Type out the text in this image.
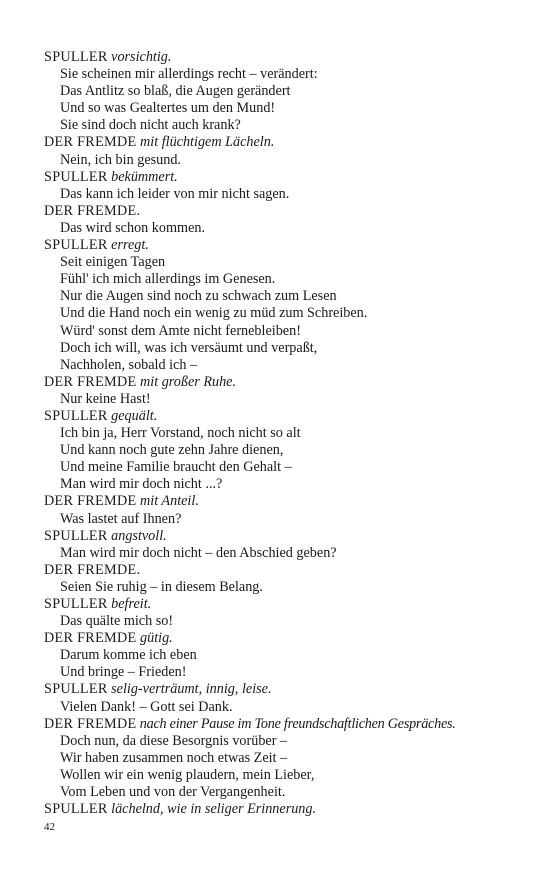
SPULLER vorsichtig.
Sie scheinen mir allerdings recht – verändert:
Das Antlitz so blaß, die Augen gerändert
Und so was Gealtertes um den Mund!
Sie sind doch nicht auch krank?
DER FREMDE mit flüchtigem Lächeln.
Nein, ich bin gesund.
SPULLER bekümmert.
Das kann ich leider von mir nicht sagen.
DER FREMDE.
Das wird schon kommen.
SPULLER erregt.
Seit einigen Tagen
Fühl' ich mich allerdings im Genesen.
Nur die Augen sind noch zu schwach zum Lesen
Und die Hand noch ein wenig zu müd zum Schreiben.
Würd' sonst dem Amte nicht fernebleiben!
Doch ich will, was ich versäumt und verpaßt,
Nachholen, sobald ich –
DER FREMDE mit großer Ruhe.
Nur keine Hast!
SPULLER gequält.
Ich bin ja, Herr Vorstand, noch nicht so alt
Und kann noch gute zehn Jahre dienen,
Und meine Familie braucht den Gehalt –
Man wird mir doch nicht ...?
DER FREMDE mit Anteil.
Was lastet auf Ihnen?
SPULLER angstvoll.
Man wird mir doch nicht – den Abschied geben?
DER FREMDE.
Seien Sie ruhig – in diesem Belang.
SPULLER befreit.
Das quälte mich so!
DER FREMDE gütig.
Darum komme ich eben
Und bringe – Frieden!
SPULLER selig-verträumt, innig, leise.
Vielen Dank! – Gott sei Dank.
DER FREMDE nach einer Pause im Tone freundschaftlichen Gespräches.
Doch nun, da diese Besorgnis vorüber –
Wir haben zusammen noch etwas Zeit –
Wollen wir ein wenig plaudern, mein Lieber,
Vom Leben und von der Vergangenheit.
SPULLER lächelnd, wie in seliger Erinnerung.
42
